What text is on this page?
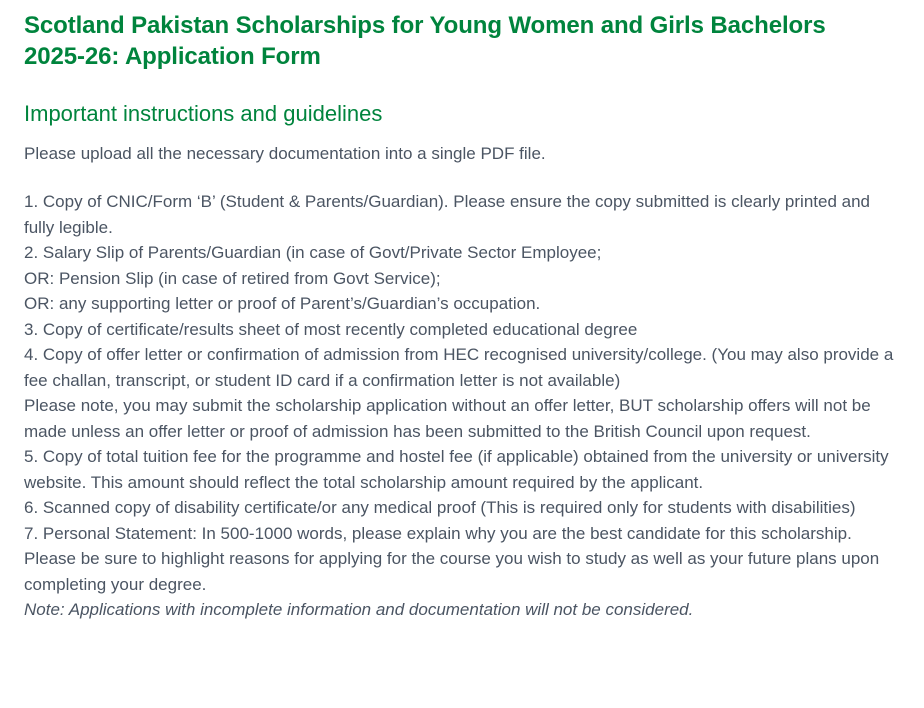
Scotland Pakistan Scholarships for Young Women and Girls Bachelors 2025-26: Application Form
Important instructions and guidelines

Please upload all the necessary documentation into a single PDF file.

1. Copy of CNIC/Form ‘B’ (Student & Parents/Guardian). Please ensure the copy submitted is clearly printed and fully legible.

2. Salary Slip of Parents/Guardian (in case of Govt/Private Sector Employee;

OR: Pension Slip (in case of retired from Govt Service);

OR: any supporting letter or proof of Parent’s/Guardian’s occupation.

3. Copy of certificate/results sheet of most recently completed educational degree

4. Copy of offer letter or confirmation of admission from HEC recognised university/college. (You may also provide a fee challan, transcript, or student ID card if a confirmation letter is not available)

Please note, you may submit the scholarship application without an offer letter, BUT scholarship offers will not be made unless an offer letter or proof of admission has been submitted to the British Council upon request.

5. Copy of total tuition fee for the programme and hostel fee (if applicable) obtained from the university or university website. This amount should reflect the total scholarship amount required by the applicant.

6. Scanned copy of disability certificate/or any medical proof (This is required only for students with disabilities)

7. Personal Statement: In 500-1000 words, please explain why you are the best candidate for this scholarship. Please be sure to highlight reasons for applying for the course you wish to study as well as your future plans upon completing your degree.

Note: Applications with incomplete information and documentation will not be considered.
